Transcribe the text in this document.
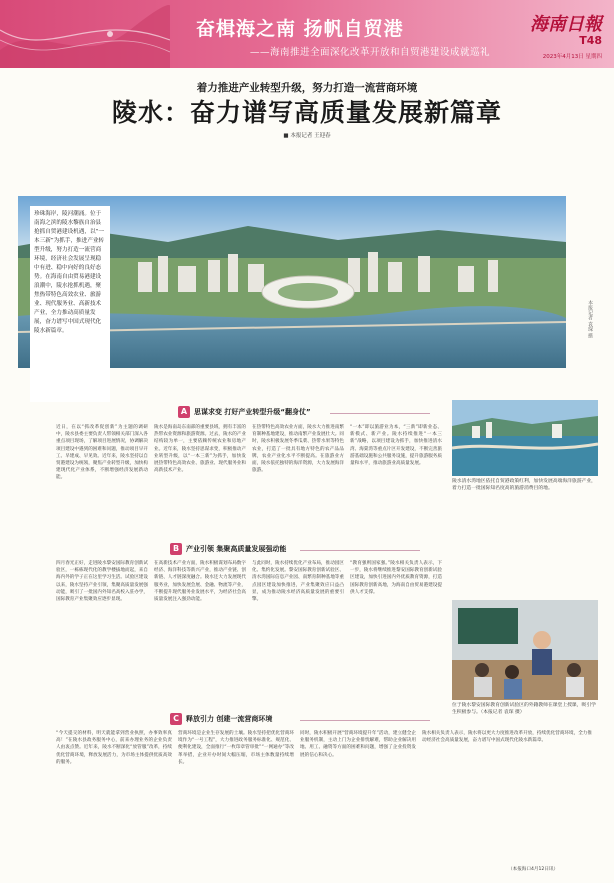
奋楫海之南 扬帆自贸港
——海南推进全面深化改革开放和自贸港建设成就巡礼
海南日報
T48
2023年4月13日 星期四
着力推进产业转型升级，努力打造一流营商环境
陵水：奋力谱写高质量发展新篇章
■ 本报记者 王迎春
珍珠海岸，陵河潮涌。位于南海之滨的陵水黎族自治县抢抓自贸港建设机遇，以“一本三新”为抓手，推进产业转型升级，努力打造一流营商环境，经济社会发展呈现稳中有进、稳中向好的良好态势。在海南自由贸易港建设浪潮中，陵水抢抓机遇，聚焦热带特色高效农业、旅游业、现代服务业、高新技术产业，全力推动高质量发展，奋力谱写中国式现代化陵水新篇章。	本报记者 袁琛 摄
A 思谋求变 打好产业转型升级“翻身仗”
近日，在以“抓改革促创新”为主题的调研中，陵水县委主要负责人带领相关部门深入各重点项目现场，了解项目进展情况，协调解决项目建设中遇到的困难和问题，推动项目早开工、早建成、早见效。近年来，陵水坚持以自贸港建设为统领，聚焦产业转型升级，加快构建现代化产业体系，不断增强经济发展新动能。
陵水是海南岛东南部的重要县域，拥有丰富的热带农业资源和旅游资源。过去，陵水的产业结构较为单一，主要依赖传统农业和房地产业。近年来，陵水坚持思谋求变，积极推动产业转型升级，以“一本三新”为抓手，加快发展热带特色高效农业、旅游业、现代服务业和高新技术产业。
在热带特色高效农业方面，陵水大力推进南繁育制种基地建设，推动南繁产业发展壮大。同时，陵水积极发展冬季瓜菜、热带水果等特色农业，打造了一批具有地方特色的农产品品牌，农业产业化水平不断提高。在旅游业方面，陵水依托独特的海洋资源，大力发展海洋旅游。
“一本”即以旅游业为本，“三新”即新业态、新模式、新产业。陵水持续推进“一本三新”战略，以项目建设为抓手，加快推进清水湾、海棠湾等重点片区开发建设，不断完善旅游基础设施和公共服务设施，提升旅游服务质量和水平，推动旅游业高质量发展。
陵水清水湾地区依托自贸港政策红利，加快发展高端海洋旅游产业，着力打造一批国际知名度高的旅游消费目的地。
B 产业引领 集聚高质量发展强动能
四月春光正好，走进陵水黎安国际教育创新试验区，一栋栋现代化的教学楼拔地而起，来自海内外的学子正在这里学习生活。试验区建设以来，陵水坚持产业引领，集聚高质量发展强动能，吸引了一批国内外知名高校入驻办学，国际教育产业集聚效应逐步显现。
在高新技术产业方面，陵水积极谋划布局数字经济、海洋科技等新兴产业，推动产业链、创新链、人才链深度融合。陵水还大力发展现代服务业，加快发展会展、金融、物流等产业，不断提升现代服务业发展水平，为经济社会高质量发展注入强劲动能。
与此同时，陵水持续优化产业布局，推动园区化、集约化发展。黎安国际教育创新试验区、清水湾国际信息产业园、南繁育制种基地等重点园区建设加快推进，产业集聚效应日益凸显，成为推动陵水经济高质量发展的重要引擎。
“教育强则国家强。”陵水相关负责人表示，下一步，陵水将继续推进黎安国际教育创新试验区建设，加快引进国内外优质教育资源，打造国际教育创新高地，为海南自由贸易港建设提供人才支撑。
位于陵水黎安国际教育创新试验区的外籍教师在课堂上授课，吸引学生积极参与。（本报记者 袁琛 摄）
C	释放引力 创建一流营商环境
“今天提交的材料，明天就能拿到营业执照，办事效率真高！”在陵水县政务服务中心，前来办理业务的企业负责人由衷点赞。近年来，陵水不断深化“放管服”改革，持续优化营商环境，释放发展活力，为市场主体提供优质高效的服务。
营商环境是企业生存发展的土壤。陵水坚持把优化营商环境作为“一号工程”，大力推进政务服务标准化、规范化、便利化建设，全面推行“一枚印章管审批”“一网通办”等改革举措，企业开办时间大幅压缩，市场主体数量持续增长。
同时，陵水积极开展“营商环境提升年”活动，建立健全企业服务机制，主动上门为企业排忧解难，帮助企业解决用地、用工、融资等方面的困难和问题，增强了企业投资发展的信心和决心。
陵水相关负责人表示，陵水将以更大力度推进改革开放，持续优化营商环境，全力推动经济社会高质量发展，奋力谱写中国式现代化陵水新篇章。
（本报海口4月12日讯）
